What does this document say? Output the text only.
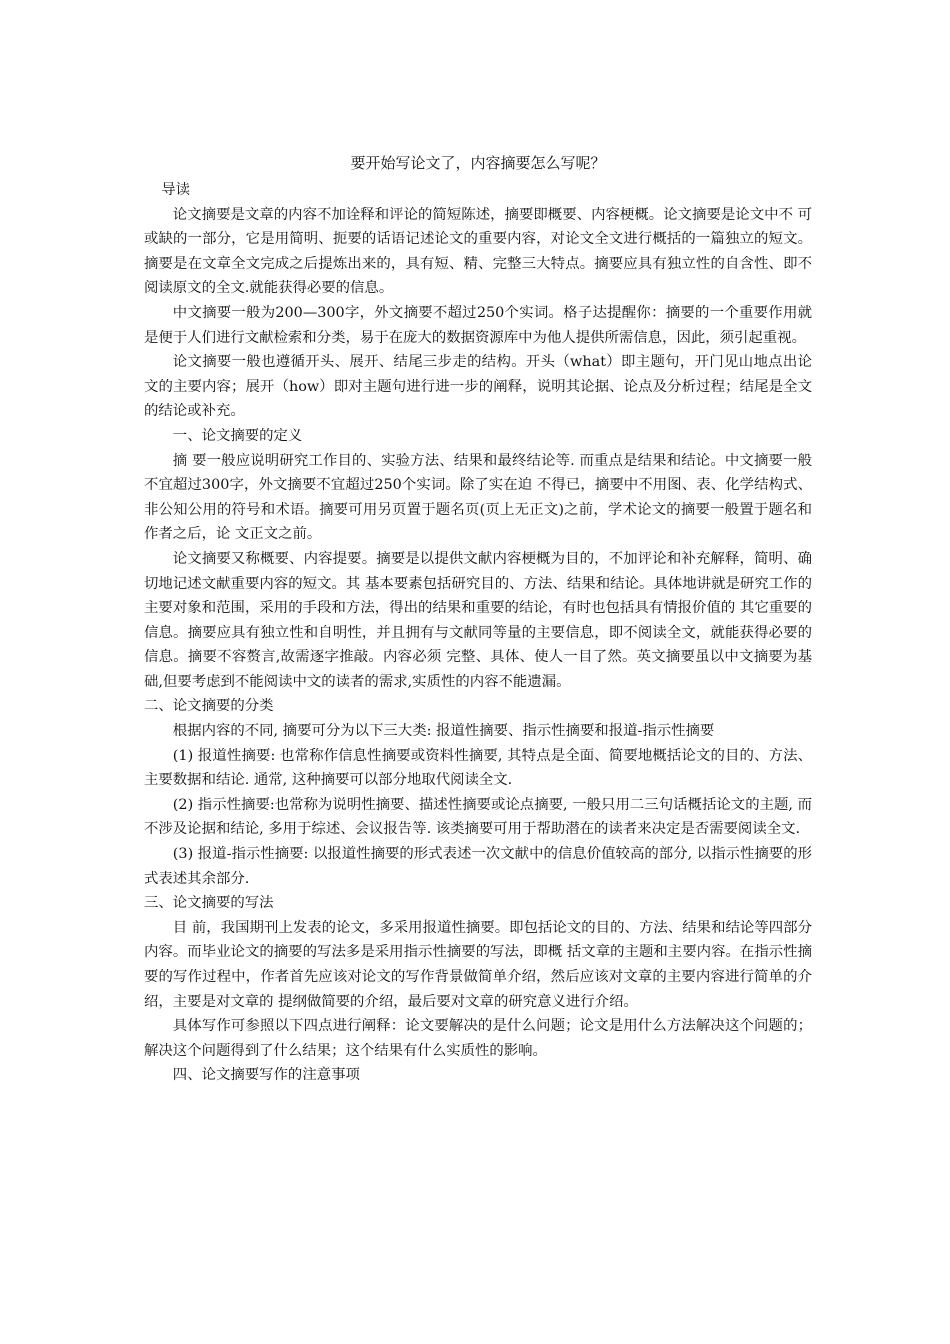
要开始写论文了，内容摘要怎么写呢？
导读
论文摘要是文章的内容不加诠释和评论的简短陈述，摘要即概要、内容梗概。论文摘要是论文中不 可或缺的一部分，它是用简明、扼要的话语记述论文的重要内容，对论文全文进行概括的一篇独立的短文。摘要是在文章全文完成之后提炼出来的，具有短、精、完整三大特点。摘要应具有独立性的自含性、即不阅读原文的全文.就能获得必要的信息。
中文摘要一般为200—300字，外文摘要不超过250个实词。格子达提醒你：摘要的一个重要作用就是便于人们进行文献检索和分类，易于在庞大的数据资源库中为他人提供所需信息，因此，须引起重视。
论文摘要一般也遵循开头、展开、结尾三步走的结构。开头（what）即主题句，开门见山地点出论文的主要内容；展开（how）即对主题句进行进一步的阐释，说明其论据、论点及分析过程；结尾是全文的结论或补充。
一、论文摘要的定义
摘 要一般应说明研究工作目的、实验方法、结果和最终结论等. 而重点是结果和结论。中文摘要一般不宜超过300字，外文摘要不宜超过250个实词。除了实在迫 不得已，摘要中不用图、表、化学结构式、非公知公用的符号和术语。摘要可用另页置于题名页(页上无正文)之前，学术论文的摘要一般置于题名和作者之后，论 文正文之前。
论文摘要又称概要、内容提要。摘要是以提供文献内容梗概为目的，不加评论和补充解释，简明、确切地记述文献重要内容的短文。其 基本要素包括研究目的、方法、结果和结论。具体地讲就是研究工作的主要对象和范围，采用的手段和方法，得出的结果和重要的结论，有时也包括具有情报价值的 其它重要的信息。摘要应具有独立性和自明性，并且拥有与文献同等量的主要信息，即不阅读全文，就能获得必要的信息。摘要不容赘言,故需逐字推敲。内容必须 完整、具体、使人一目了然。英文摘要虽以中文摘要为基础,但要考虑到不能阅读中文的读者的需求,实质性的内容不能遗漏。
二、论文摘要的分类
根据内容的不同, 摘要可分为以下三大类: 报道性摘要、指示性摘要和报道-指示性摘要
(1) 报道性摘要: 也常称作信息性摘要或资料性摘要, 其特点是全面、简要地概括论文的目的、方法、主要数据和结论. 通常, 这种摘要可以部分地取代阅读全文.
(2) 指示性摘要:也常称为说明性摘要、描述性摘要或论点摘要, 一般只用二三句话概括论文的主题, 而不涉及论据和结论, 多用于综述、会议报告等. 该类摘要可用于帮助潜在的读者来决定是否需要阅读全文.
(3) 报道-指示性摘要: 以报道性摘要的形式表述一次文献中的信息价值较高的部分, 以指示性摘要的形式表述其余部分.
三、论文摘要的写法
目 前，我国期刊上发表的论文，多采用报道性摘要。即包括论文的目的、方法、结果和结论等四部分内容。而毕业论文的摘要的写法多是采用指示性摘要的写法，即概 括文章的主题和主要内容。在指示性摘要的写作过程中，作者首先应该对论文的写作背景做简单介绍，然后应该对文章的主要内容进行简单的介绍，主要是对文章的 提纲做简要的介绍，最后要对文章的研究意义进行介绍。
具体写作可参照以下四点进行阐释：论文要解决的是什么问题；论文是用什么方法解决这个问题的；解决这个问题得到了什么结果；这个结果有什么实质性的影响。
四、论文摘要写作的注意事项
